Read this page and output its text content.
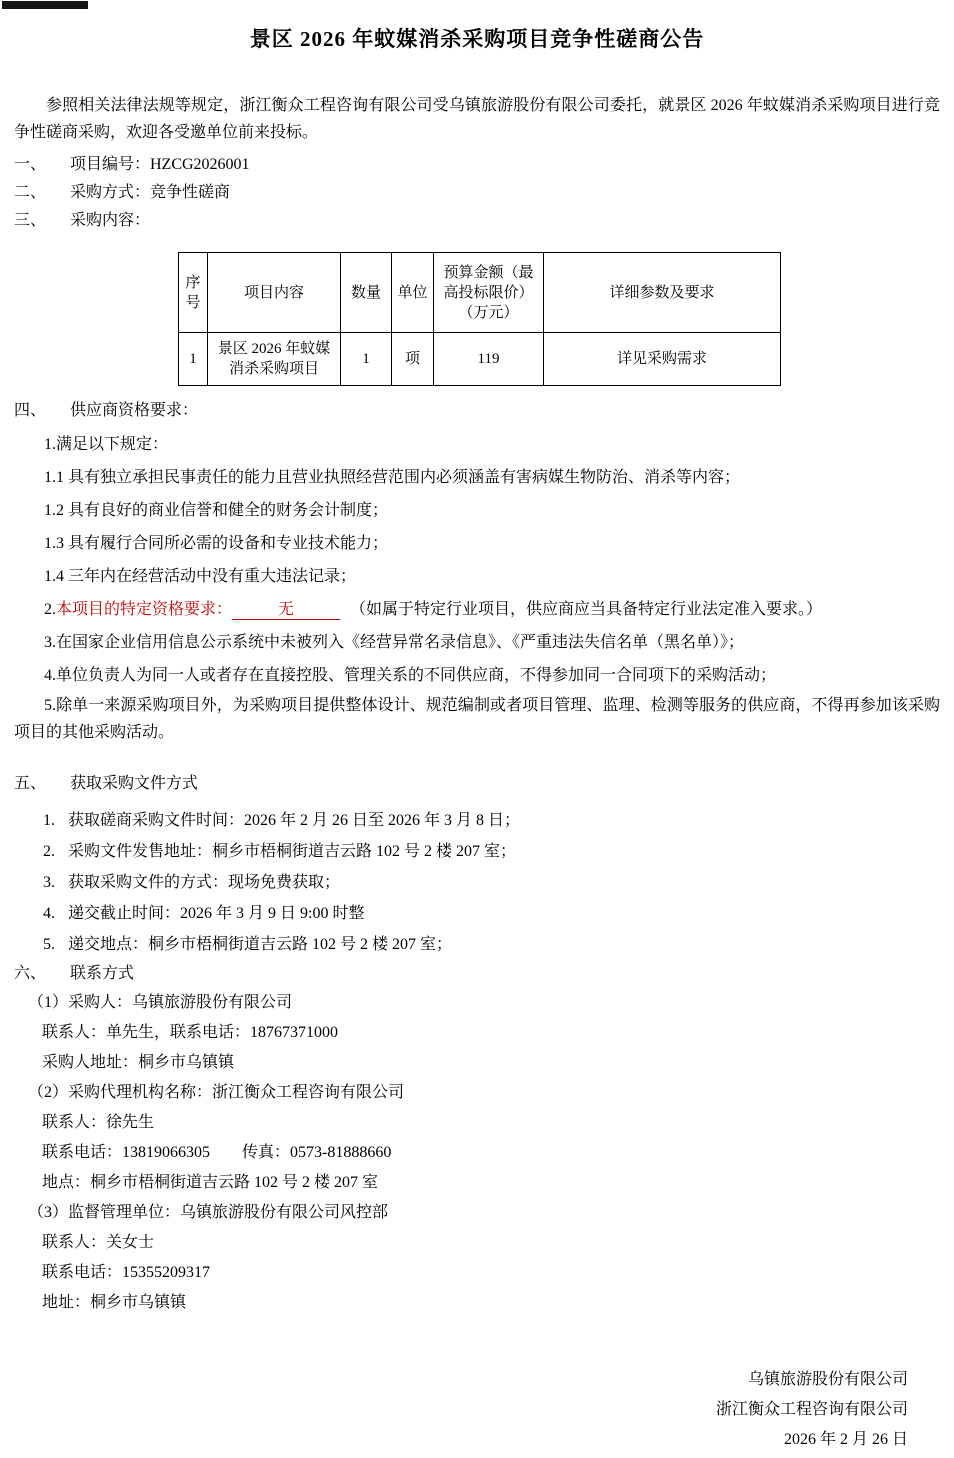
景区 2026 年蚊媒消杀采购项目竞争性磋商公告

参照相关法律法规等规定，浙江衡众工程咨询有限公司受乌镇旅游股份有限公司委托，就景区 2026 年蚊媒消杀采购项目进行竞争性磋商采购，欢迎各受邀单位前来投标。

一、 项目编号：HZCG2026001
二、 采购方式：竞争性磋商
三、 采购内容：
序号	项目内容	数量	单位	预算金额（最高投标限价）（万元）	详细参数及要求
1	景区 2026 年蚊媒消杀采购项目	1	项	119	详见采购需求
四、 供应商资格要求：

1.满足以下规定：

1.1 具有独立承担民事责任的能力且营业执照经营范围内必须涵盖有害病媒生物防治、消杀等内容；

1.2 具有良好的商业信誉和健全的财务会计制度；

1.3 具有履行合同所必需的设备和专业技术能力；

1.4 三年内在经营活动中没有重大违法记录；

2.本项目的特定资格要求：	无	（如属于特定行业项目，供应商应当具备特定行业法定准入要求。）

3.在国家企业信用信息公示系统中未被列入《经营异常名录信息》、《严重违法失信名单（黑名单）》；

4.单位负责人为同一人或者存在直接控股、管理关系的不同供应商，不得参加同一合同项下的采购活动；

5.除单一来源采购项目外，为采购项目提供整体设计、规范编制或者项目管理、监理、检测等服务的供应商，不得再参加该采购项目的其他采购活动。

五、 获取采购文件方式
1. 获取磋商采购文件时间：2026 年 2 月 26 日至 2026 年 3 月 8 日；
2. 采购文件发售地址：桐乡市梧桐街道吉云路 102 号 2 楼 207 室；
3. 获取采购文件的方式：现场免费获取；
4. 递交截止时间：2026 年 3 月 9 日 9:00 时整
5. 递交地点：桐乡市梧桐街道吉云路 102 号 2 楼 207 室；
六、 联系方式

（1）采购人：乌镇旅游股份有限公司

联系人：单先生，联系电话：18767371000

采购人地址：桐乡市乌镇镇

（2）采购代理机构名称：浙江衡众工程咨询有限公司

联系人：徐先生

联系电话：13819066305　　传真：0573-81888660

地点：桐乡市梧桐街道吉云路 102 号 2 楼 207 室

（3）监督管理单位：乌镇旅游股份有限公司风控部

联系人：关女士

联系电话：15355209317

地址：桐乡市乌镇镇

乌镇旅游股份有限公司

浙江衡众工程咨询有限公司

2026 年 2 月 26 日
